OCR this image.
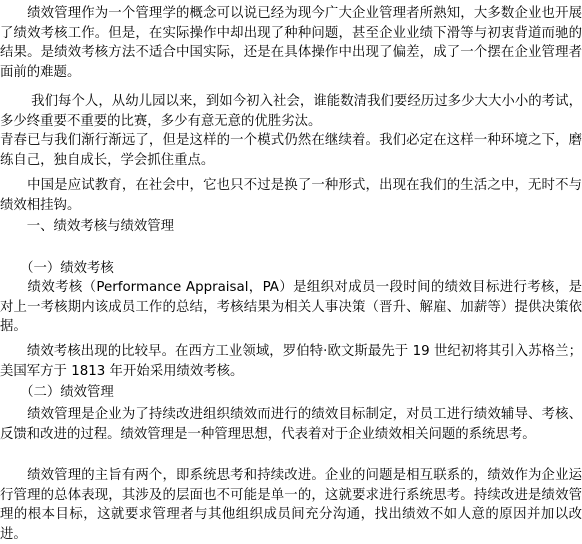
　　绩效管理作为一个管理学的概念可以说已经为现今广大企业管理者所熟知，大多数企业也开展了绩效考核工作。但是，在实际操作中却出现了种种问题，甚至企业业绩下滑等与初衷背道而驰的结果。是绩效考核方法不适合中国实际，还是在具体操作中出现了偏差，成了一个摆在企业管理者面前的难题。

　　 我们每个人，从幼儿园以来，到如今初入社会，谁能数清我们要经历过多少大大小小的考试，多少终重要不重要的比赛，多少有意无意的优胜劣汰。

青春已与我们渐行渐远了，但是这样的一个模式仍然在继续着。我们必定在这样一种环境之下，磨练自己，独自成长，学会抓住重点。

　　中国是应试教育，在社会中，它也只不过是换了一种形式，出现在我们的生活之中，无时不与绩效相挂钩。

　　一、绩效考核与绩效管理

　　（一）绩效考核

　　绩效考核（Performance Appraisal，PA）是组织对成员一段时间的绩效目标进行考核，是对上一考核期内该成员工作的总结，考核结果为相关人事决策（晋升、解雇、加薪等）提供决策依据。

　　绩效考核出现的比较早。在西方工业领域，罗伯特·欧文斯最先于 19 世纪初将其引入苏格兰；美国军方于 1813 年开始采用绩效考核。

　　（二）绩效管理

　　绩效管理是企业为了持续改进组织绩效而进行的绩效目标制定，对员工进行绩效辅导、考核、反馈和改进的过程。绩效管理是一种管理思想，代表着对于企业绩效相关问题的系统思考。

　　绩效管理的主旨有两个，即系统思考和持续改进。企业的问题是相互联系的，绩效作为企业运行管理的总体表现，其涉及的层面也不可能是单一的，这就要求进行系统思考。持续改进是绩效管理的根本目标，这就要求管理者与其他组织成员间充分沟通，找出绩效不如人意的原因并加以改进。
